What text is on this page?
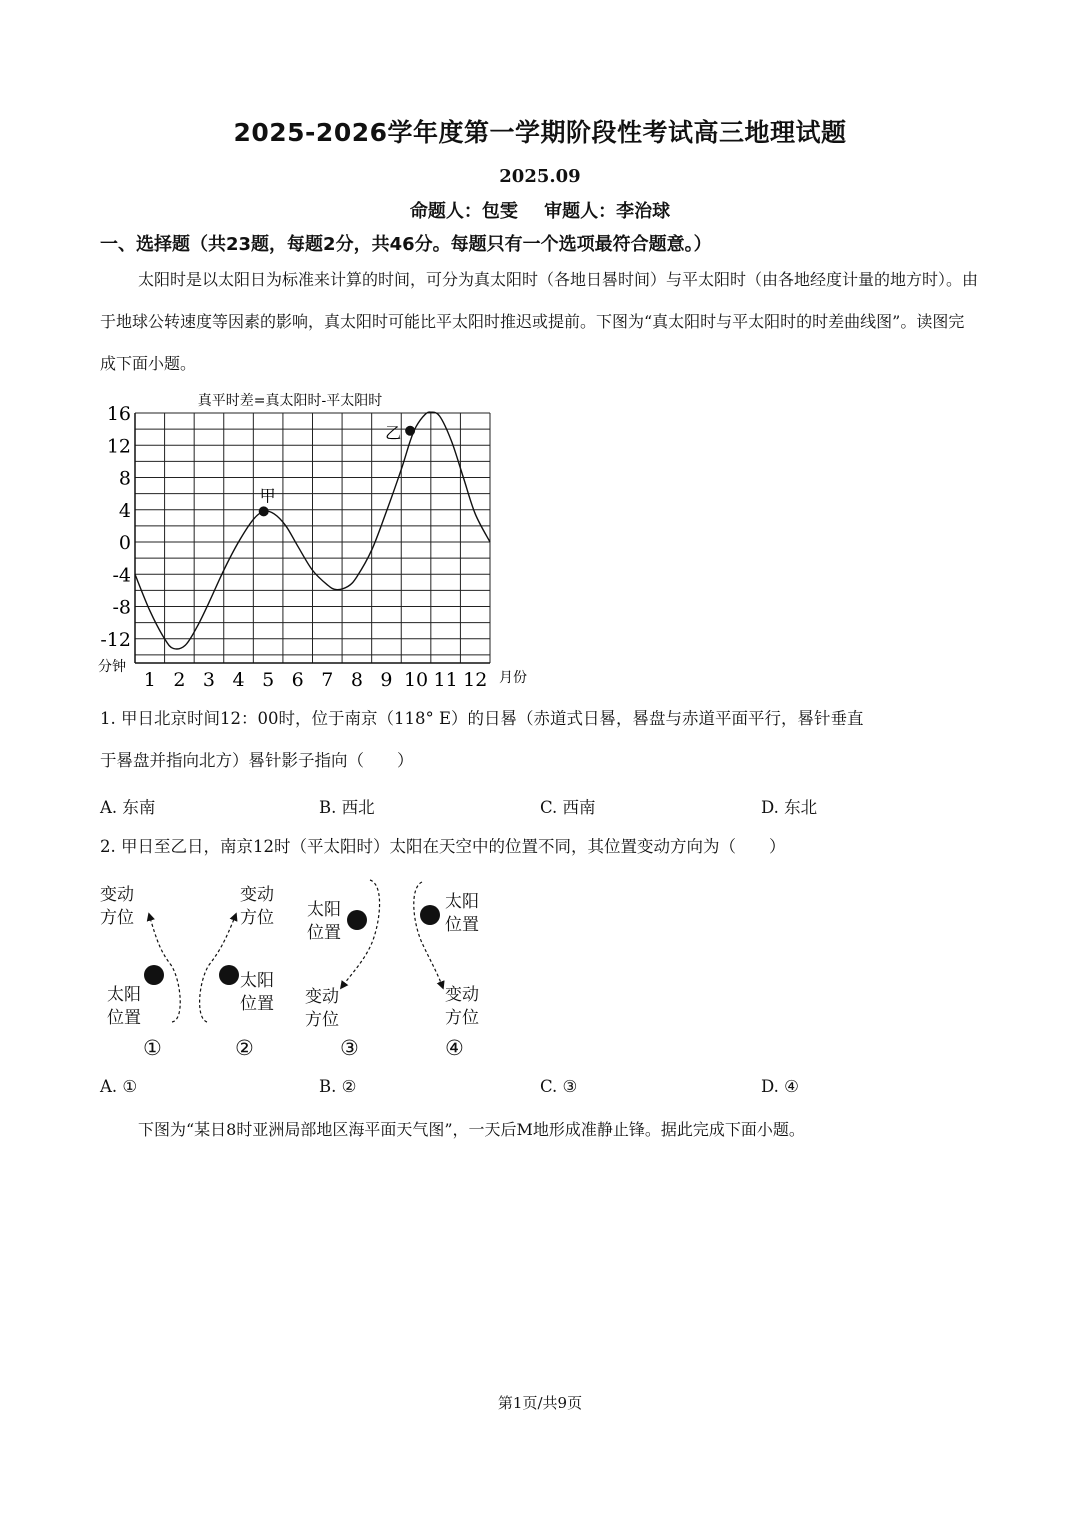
2025-2026学年度第一学期阶段性考试高三地理试题
2025.09
命题人：包雯 审题人：李治球
一、选择题（共23题，每题2分，共46分。每题只有一个选项最符合题意。）
太阳时是以太阳日为标准来计算的时间，可分为真太阳时（各地日晷时间）与平太阳时（由各地经度计量的地方时）。由于地球公转速度等因素的影响，真太阳时可能比平太阳时推迟或提前。下图为“真太阳时与平太阳时的时差曲线图”。读图完成下面小题。
真平时差=真太阳时-平太阳时
16
12
8
4
0
-4
-8
-12
1 2 3 4 5 6 7 8 9 10 11 12
甲
乙
分钟
月份
1. 甲日北京时间12：00时，位于南京（118° E）的日晷（赤道式日晷，晷盘与赤道平面平行，晷针垂直
于晷盘并指向北方）晷针影子指向（　　）
A. 东南	B. 西北	C. 西南	D. 东北
2. 甲日至乙日，南京12时（平太阳时）太阳在天空中的位置不同，其位置变动方向为（　　）
变动
方位
太阳
位置
①
变动
方位
太阳
位置
②
太阳
位置
变动
方位
③
太阳
位置
变动
方位
④
A. ①	B. ②	C. ③	D. ④
下图为“某日8时亚洲局部地区海平面天气图”，一天后M地形成准静止锋。据此完成下面小题。
第1页/共9页
